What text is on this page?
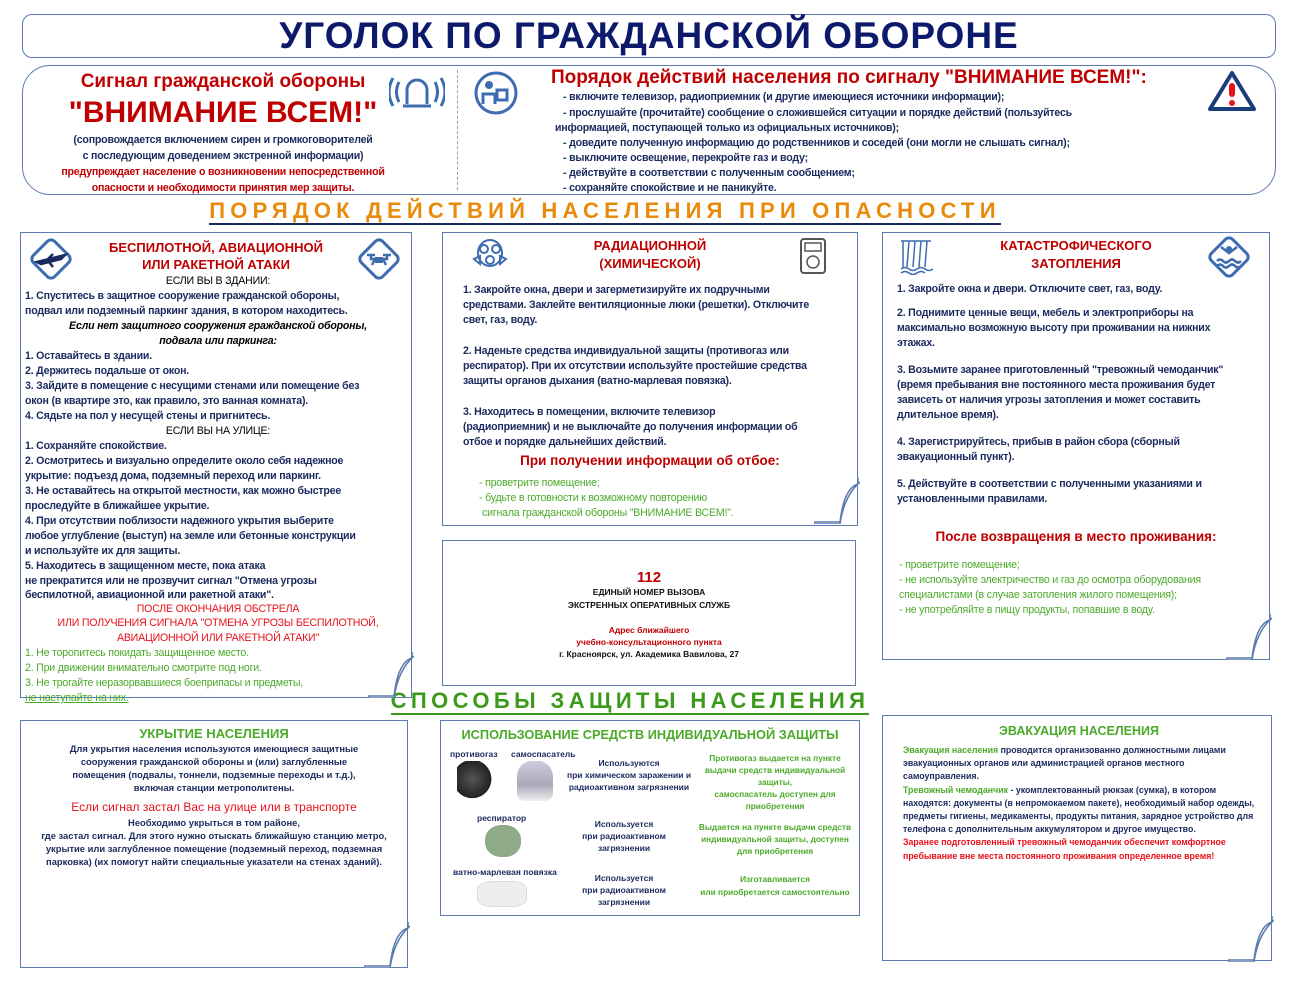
УГОЛОК ПО ГРАЖДАНСКОЙ ОБОРОНЕ
Сигнал гражданской обороны
"ВНИМАНИЕ ВСЕМ!"
(сопровождается включением сирен и громкоговорителей
с последующим доведением экстренной информации)
предупреждает население о возникновении непосредственной
опасности и необходимости принятия мер защиты.
Порядок действий населения по сигналу "ВНИМАНИЕ ВСЕМ!":
- включите телевизор, радиоприемник (и другие имеющиеся источники информации);
- прослушайте (прочитайте) сообщение о сложившейся ситуации и порядке действий (пользуйтесь
информацией, поступающей только из официальных источников);
- доведите полученную информацию до родственников и соседей (они могли не слышать сигнал);
- выключите освещение, перекройте газ и воду;
- действуйте в соответствии с полученным сообщением;
- сохраняйте спокойствие и не паникуйте.
ПОРЯДОК ДЕЙСТВИЙ НАСЕЛЕНИЯ ПРИ ОПАСНОСТИ
БЕСПИЛОТНОЙ, АВИАЦИОННОЙ
ИЛИ РАКЕТНОЙ АТАКИ
ЕСЛИ ВЫ В ЗДАНИИ:
1. Спуститесь в защитное сооружение гражданской обороны,
подвал или подземный паркинг здания, в котором находитесь.
Если нет защитного сооружения гражданской обороны,
подвала или паркинга:
1. Оставайтесь в здании.
2. Держитесь подальше от окон.
3. Зайдите в помещение с несущими стенами или помещение без
окон (в квартире это, как правило, это ванная комната).
4. Сядьте на пол у несущей стены и пригнитесь.
ЕСЛИ ВЫ НА УЛИЦЕ:
1. Сохраняйте спокойствие.
2. Осмотритесь и визуально определите около себя надежное
укрытие: подъезд дома, подземный переход или паркинг.
3. Не оставайтесь на открытой местности, как можно быстрее
проследуйте в ближайшее укрытие.
4. При отсутствии поблизости надежного укрытия выберите
любое углубление (выступ) на земле или бетонные конструкции
и используйте их для защиты.
5. Находитесь в защищенном месте, пока атака
не прекратится или не прозвучит сигнал "Отмена угрозы
беспилотной, авиационной или ракетной атаки".
ПОСЛЕ ОКОНЧАНИЯ ОБСТРЕЛА
ИЛИ ПОЛУЧЕНИЯ СИГНАЛА "ОТМЕНА УГРОЗЫ БЕСПИЛОТНОЙ,
АВИАЦИОННОЙ ИЛИ РАКЕТНОЙ АТАКИ"
1. Не торопитесь покидать защищенное место.
2. При движении внимательно смотрите под ноги.
3. Не трогайте неразорвавшиеся боеприпасы и предметы,
не наступайте на них.
РАДИАЦИОННОЙ
(ХИМИЧЕСКОЙ)
1. Закройте окна, двери и загерметизируйте их подручными
средствами. Заклейте вентиляционные люки (решетки). Отключите
свет, газ, воду.
2. Наденьте средства индивидуальной защиты (противогаз или
респиратор). При их отсутствии используйте простейшие средства
защиты органов дыхания (ватно-марлевая повязка).
3. Находитесь в помещении, включите телевизор
(радиоприемник) и не выключайте до получения информации об
отбое и порядке дальнейших действий.
При получении информации об отбое:
- проветрите помещение;
- будьте в готовности к возможному повторению
сигнала гражданской обороны "ВНИМАНИЕ ВСЕМ!".
112
ЕДИНЫЙ НОМЕР ВЫЗОВА
ЭКСТРЕННЫХ ОПЕРАТИВНЫХ СЛУЖБ
Адрес ближайшего
учебно-консультационного пункта
г. Красноярск, ул. Академика Вавилова, 27
КАТАСТРОФИЧЕСКОГО
ЗАТОПЛЕНИЯ
1. Закройте окна и двери. Отключите свет, газ, воду.
2. Поднимите ценные вещи, мебель и электроприборы на
максимально возможную высоту при проживании на нижних
этажах.
3. Возьмите заранее приготовленный "тревожный чемоданчик"
(время пребывания вне постоянного места проживания будет
зависеть от наличия угрозы затопления и может составить
длительное время).
4. Зарегистрируйтесь, прибыв в район сбора (сборный
эвакуационный пункт).
5. Действуйте в соответствии с полученными указаниями и
установленными правилами.
После возвращения в место проживания:
- проветрите помещение;
- не используйте электричество и газ до осмотра оборудования
специалистами (в случае затопления жилого помещения);
- не употребляйте в пищу продукты, попавшие в воду.
СПОСОБЫ ЗАЩИТЫ НАСЕЛЕНИЯ
УКРЫТИЕ НАСЕЛЕНИЯ
Для укрытия населения используются имеющиеся защитные
сооружения гражданской обороны и (или) заглубленные
помещения (подвалы, тоннели, подземные переходы и т.д.),
включая станции метрополитены.
Если сигнал застал Вас на улице или в транспорте
Необходимо укрыться в том районе,
где застал сигнал. Для этого нужно отыскать ближайшую станцию метро,
укрытие или заглубленное помещение (подземный переход, подземная
парковка) (их помогут найти специальные указатели на стенах зданий).
ИСПОЛЬЗОВАНИЕ СРЕДСТВ ИНДИВИДУАЛЬНОЙ ЗАЩИТЫ
противогаз самоспасатель
респиратор
ватно-марлевая повязка
Используются
при химическом заражении и
радиоактивном загрязнении
Используется
при радиоактивном
загрязнении
Используется
при радиоактивном
загрязнении
Противогаз выдается на пункте
выдачи средств индивидуальной
защиты,
самоспасатель доступен для
приобретения
Выдается на пункте выдачи средств
индивидуальной защиты, доступен
для приобретения
Изготавливается
или приобретается самостоятельно
ЭВАКУАЦИЯ НАСЕЛЕНИЯ
Эвакуация населения проводится организованно должностными лицами эвакуационных органов или администрацией органов местного самоуправления.
Тревожный чемоданчик - укомплектованный рюкзак (сумка), в котором находятся: документы (в непромокаемом пакете), необходимый набор одежды, предметы гигиены, медикаменты, продукты питания, зарядное устройство для телефона с дополнительным аккумулятором и другое имущество.
Заранее подготовленный тревожный чемоданчик обеспечит комфортное пребывание вне места постоянного проживания определенное время!
